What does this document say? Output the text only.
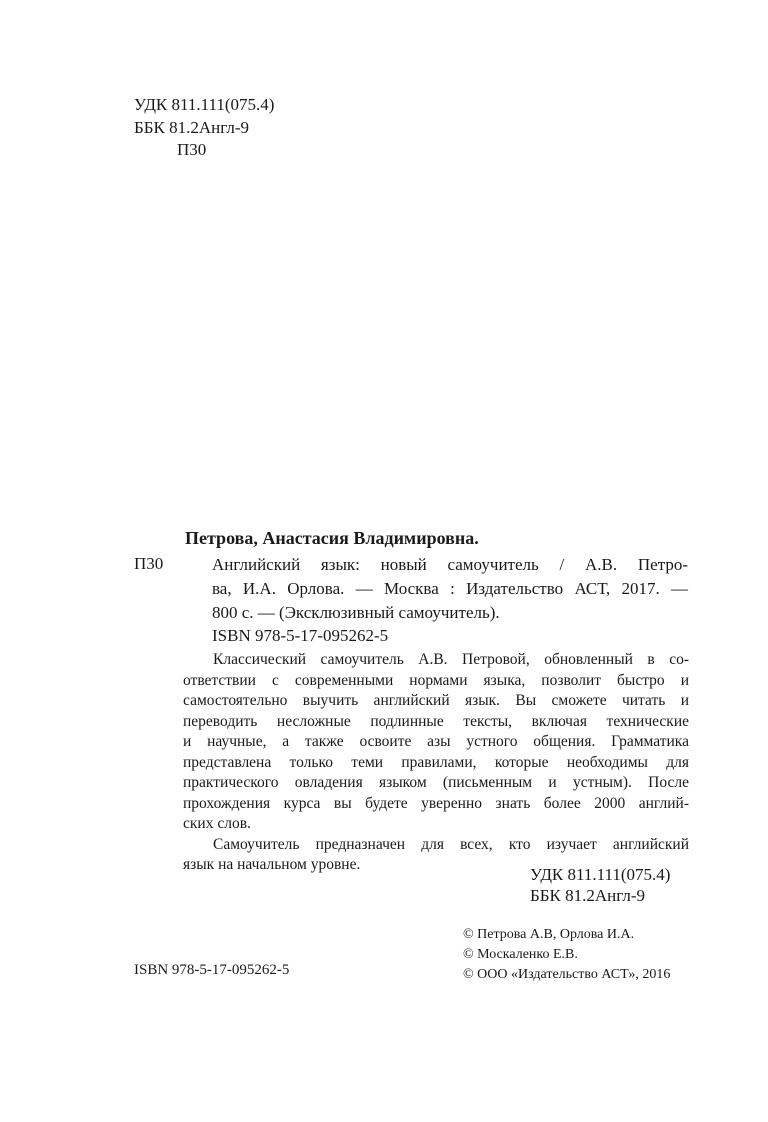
УДК 811.111(075.4)
ББК 81.2Англ-9
П30
Петрова, Анастасия Владимировна.
П30	Английский язык: новый самоучитель / А.В. Петро-
ва, И.А. Орлова. — Москва : Издательство АСТ, 2017. —
800 с. — (Эксклюзивный самоучитель).
ISBN 978-5-17-095262-5
Классический самоучитель А.В. Петровой, обновленный в со-
ответствии с современными нормами языка, позволит быстро и
самостоятельно выучить английский язык. Вы сможете читать и
переводить несложные подлинные тексты, включая технические
и научные, а также освоите азы устного общения. Грамматика
представлена только теми правилами, которые необходимы для
практического овладения языком (письменным и устным). После
прохождения курса вы будете уверенно знать более 2000 англий-
ских слов.
Самоучитель предназначен для всех, кто изучает английский
язык на начальном уровне.
УДК 811.111(075.4)
ББК 81.2Англ-9
© Петрова А.В, Орлова И.А.
© Москаленко Е.В.
© ООО «Издательство АСТ», 2016
ISBN 978-5-17-095262-5
